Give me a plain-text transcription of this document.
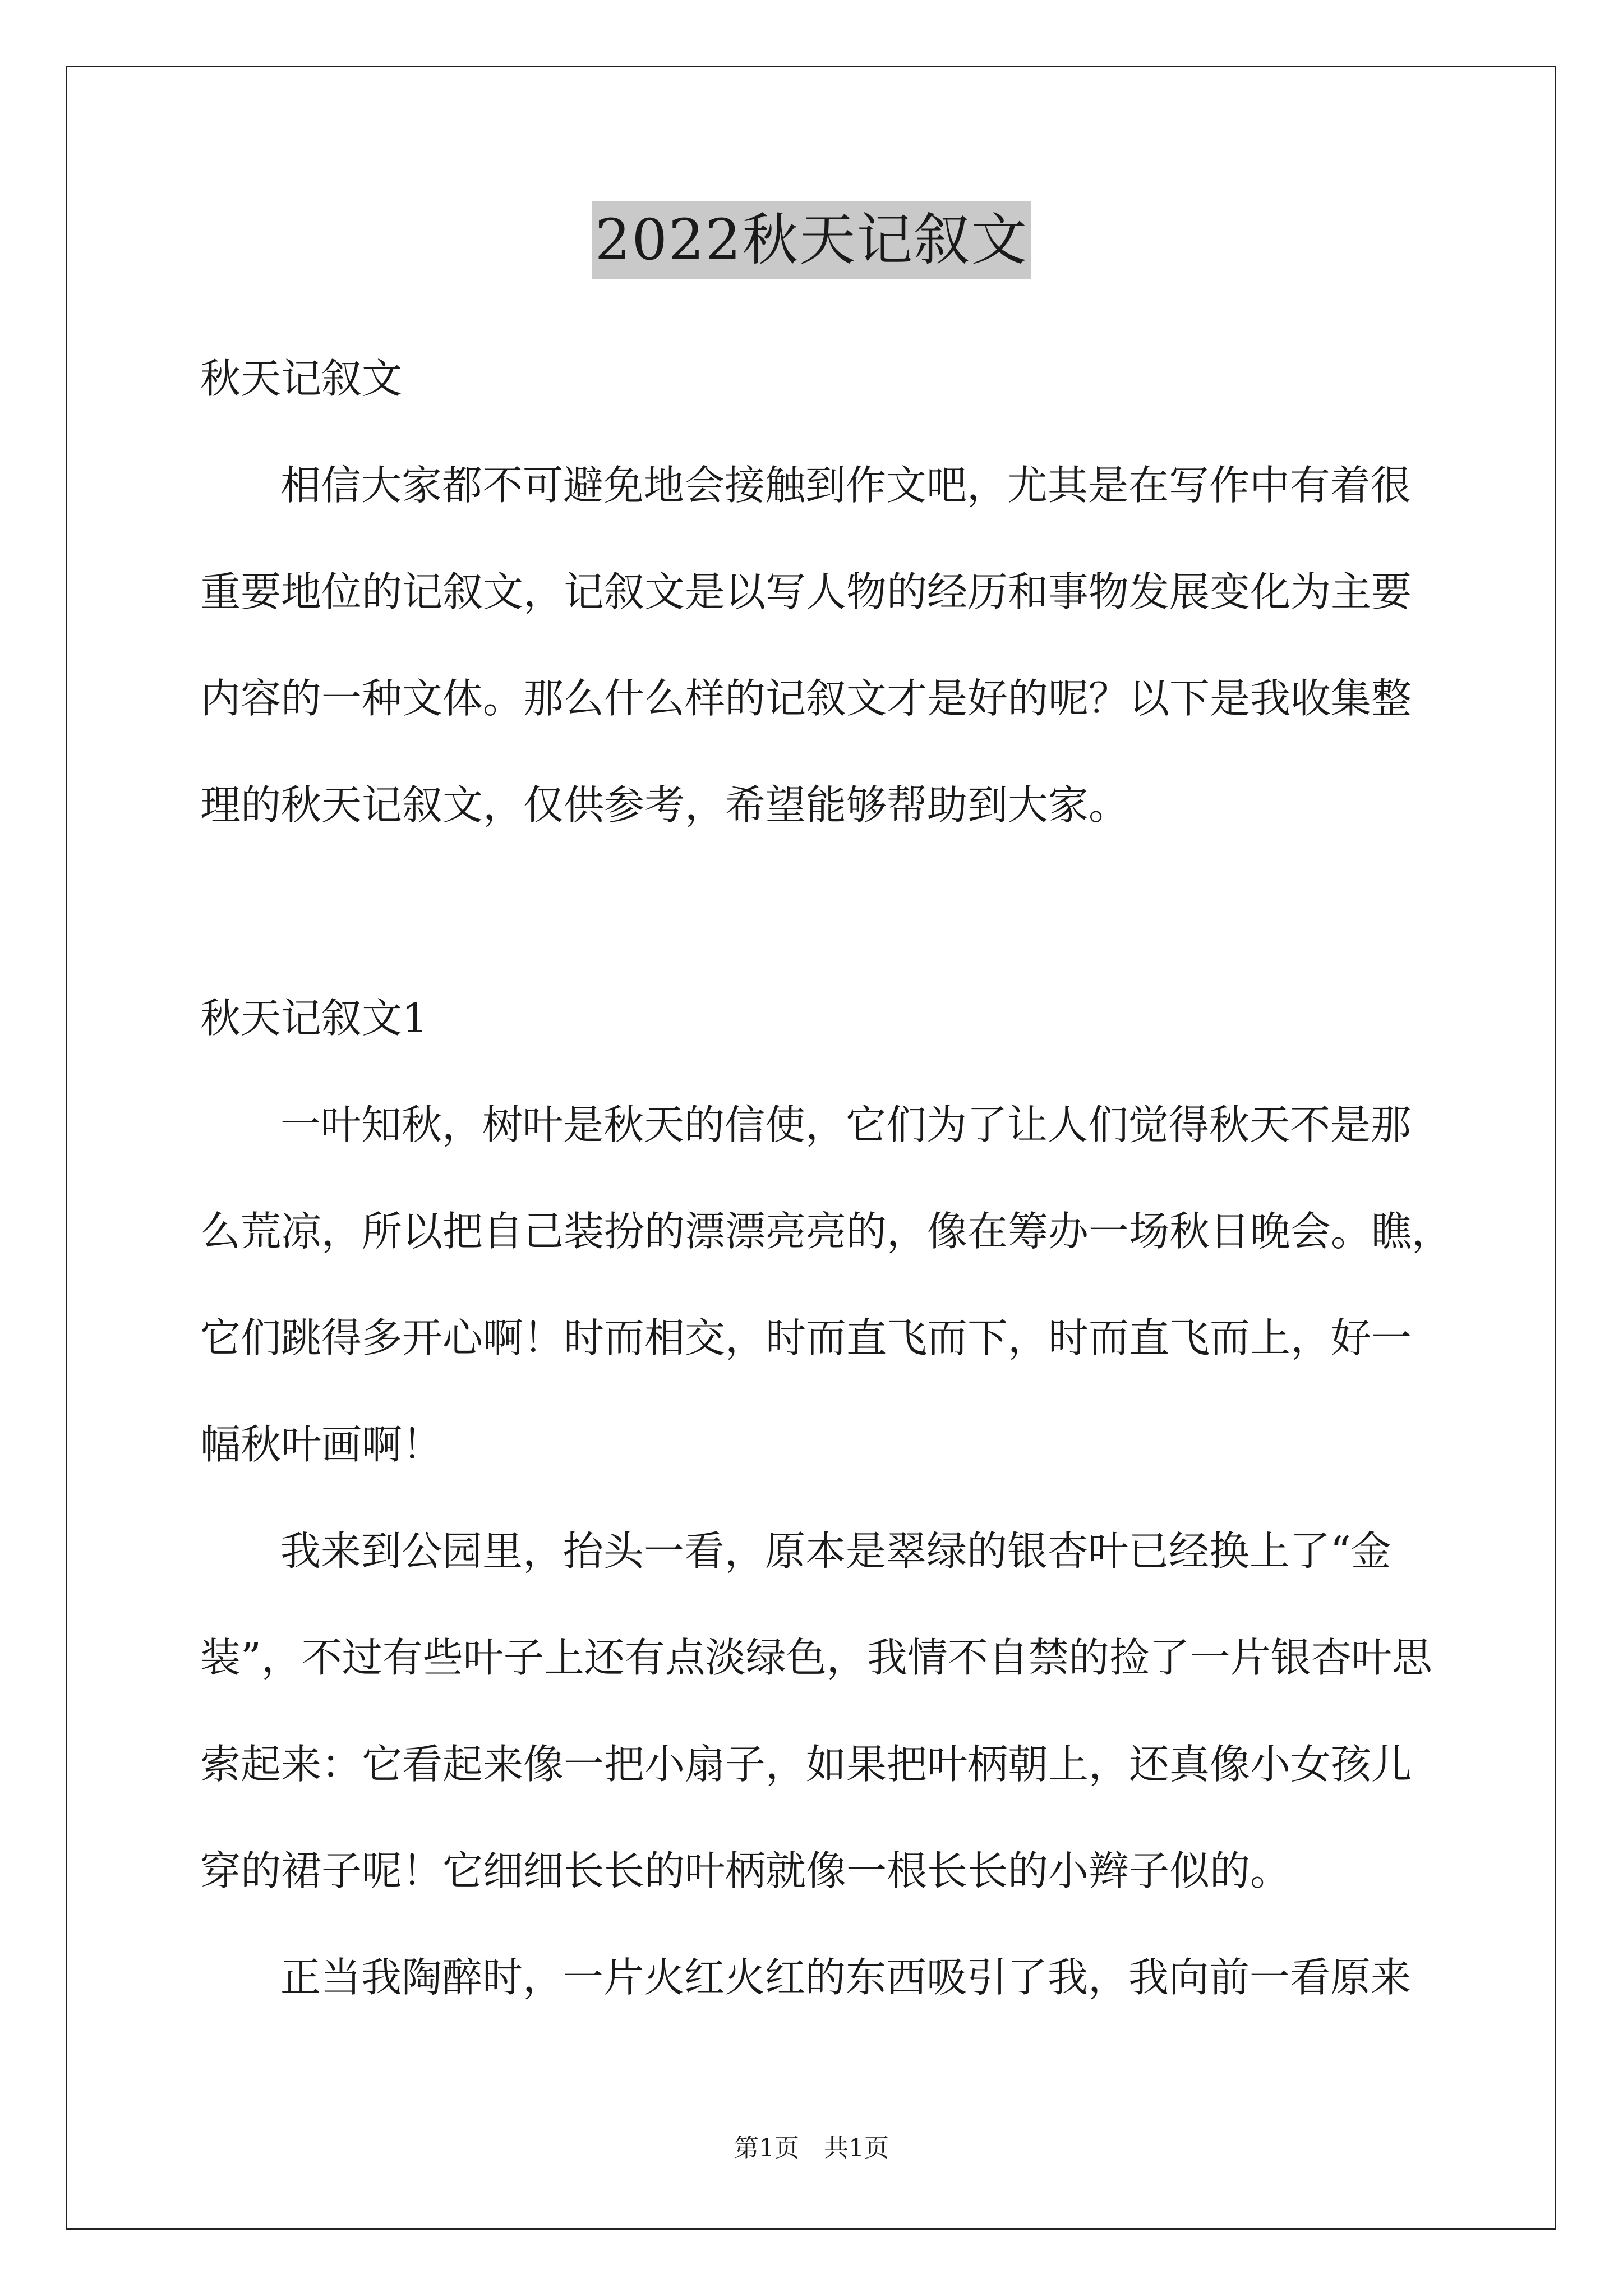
2022秋天记叙文
秋天记叙文
相信大家都不可避免地会接触到作文吧，尤其是在写作中有着很
重要地位的记叙文，记叙文是以写人物的经历和事物发展变化为主要
内容的一种文体。那么什么样的记叙文才是好的呢？以下是我收集整
理的秋天记叙文，仅供参考，希望能够帮助到大家。
秋天记叙文1
一叶知秋，树叶是秋天的信使，它们为了让人们觉得秋天不是那
么荒凉，所以把自己装扮的漂漂亮亮的，像在筹办一场秋日晚会。瞧，
它们跳得多开心啊！时而相交，时而直飞而下，时而直飞而上，好一
幅秋叶画啊！
我来到公园里，抬头一看，原本是翠绿的银杏叶已经换上了“金
装”，不过有些叶子上还有点淡绿色，我情不自禁的捡了一片银杏叶思
索起来：它看起来像一把小扇子，如果把叶柄朝上，还真像小女孩儿
穿的裙子呢！它细细长长的叶柄就像一根长长的小辫子似的。
正当我陶醉时，一片火红火红的东西吸引了我，我向前一看原来
第1页　共1页
